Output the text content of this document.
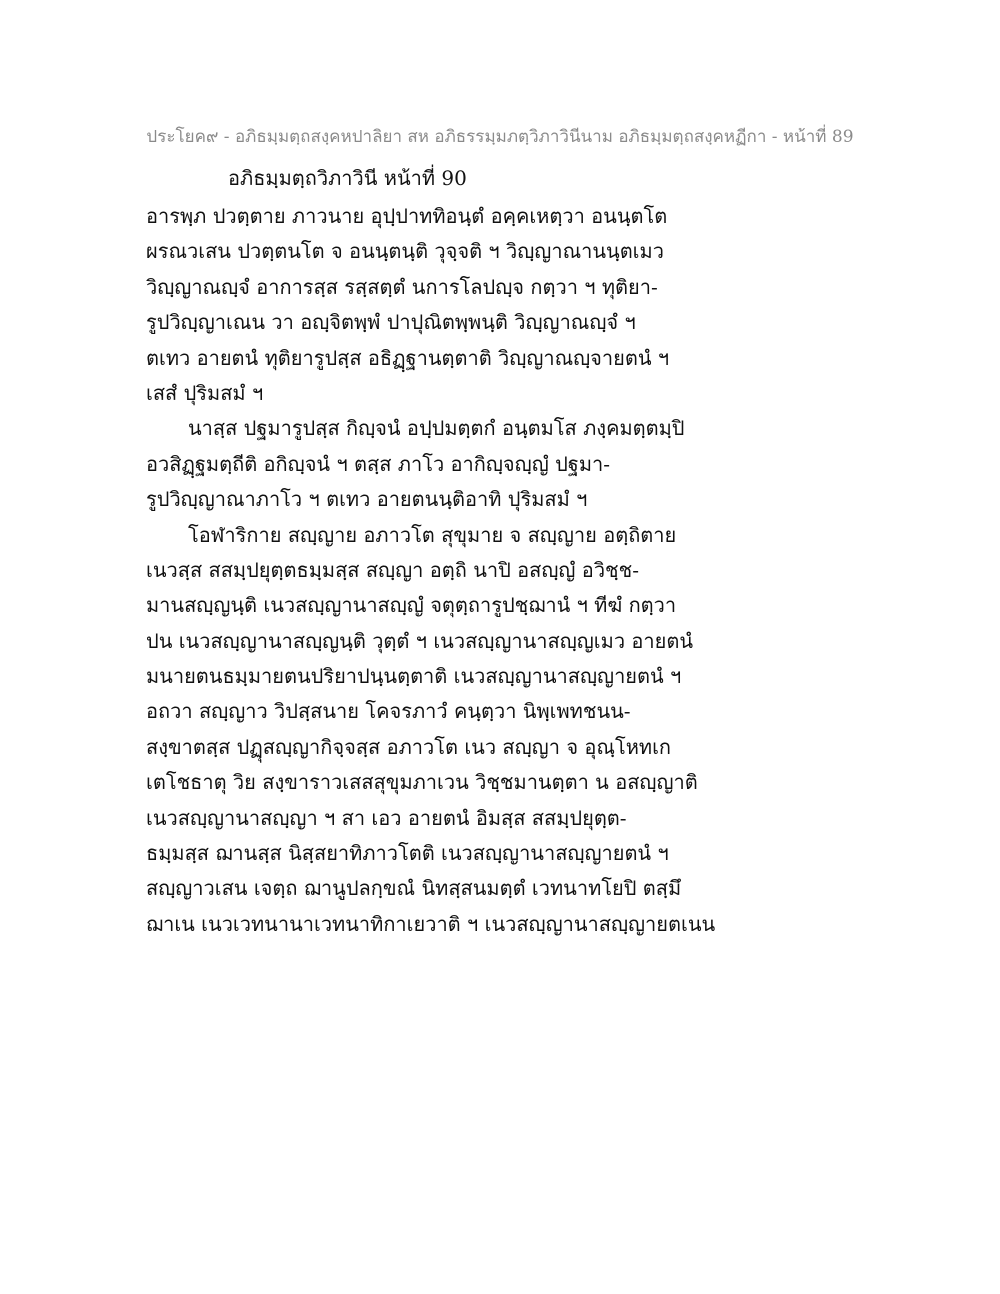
ประโยค๙ - อภิธมฺมตฺถสงฺคหปาลิยา สห อภิธรรมฺมภตฺวิภาวินีนาม อภิธมฺมตฺถสงฺคหฏีกา - หน้าที่ 89
อภิธมฺมตฺถวิภาวินี หน้าที่ 90
อารพฺภ ปวตฺตาย ภาวนาย อุปฺปาททิอนฺตํ อคฺคเหตฺวา อนนฺตโต
ผรณวเสน ปวตฺตนโต จ อนนฺตนฺติ วุจฺจติ ฯ วิญฺญาณานนฺตเมว
วิญฺญาณญฺจํ อาการสฺส รสฺสตฺตํ นการโลปญฺจ กตฺวา ฯ ทุติยา-
รูปวิญฺญาเณน วา อญฺจิตพฺพํ ปาปุณิตพฺพนฺติ วิญฺญาณญฺจํ ฯ
ตเทว อายตนํ ทุติยารูปสฺส อธิฏฺฐานตฺตาติ วิญฺญาณญฺจายตนํ ฯ
เสสํ ปุริมสมํ ฯ
นาสฺส ปฐมารูปสฺส กิญฺจนํ อปฺปมตฺตกํ อนฺตมโส ภงฺคมตฺตมฺปิ
อวสิฏฺฐมตฺถีติ อกิญฺจนํ ฯ ตสฺส ภาโว อากิญฺจญฺญํ ปฐมา-
รูปวิญฺญาณาภาโว ฯ ตเทว อายตนนฺติอาทิ ปุริมสมํ ฯ
โอฬาริกาย สญฺญาย อภาวโต สุขุมาย จ สญฺญาย อตฺถิตาย
เนวสฺส สสมฺปยุตฺตธมฺมสฺส สญฺญา อตฺถิ นาปิ อสญฺญํ อวิชฺช-
มานสญฺญนฺติ เนวสญฺญานาสญฺญํ จตุตฺถารูปชฺฌานํ ฯ ทีฆํ กตฺวา
ปน เนวสญฺญานาสญฺญนฺติ วุตฺตํ ฯ เนวสญฺญานาสญฺญเมว อายตนํ
มนายตนธมฺมายตนปริยาปนฺนตฺตาติ เนวสญฺญานาสญฺญายตนํ ฯ
อถวา สญฺญาว วิปสฺสนาย โคจรภาวํ คนฺตฺวา นิพฺเพทชนน-
สงฺขาตสฺส ปฏุสญฺญากิจฺจสฺส อภาวโต เนว สญฺญา จ อุณฺโหทเก
เตโชธาตุ วิย สงฺขาราวเสสสุขุมภาเวน วิชฺชมานตฺตา น อสญฺญาติ
เนวสญฺญานาสญฺญา ฯ สา เอว อายตนํ อิมสฺส สสมฺปยุตฺต-
ธมฺมสฺส ฌานสฺส นิสฺสยาทิภาวโตติ เนวสญฺญานาสญฺญายตนํ ฯ
สญฺญาวเสน เจตฺถ ฌานูปลกฺขณํ นิทสฺสนมตฺตํ เวทนาทโยปิ ตสฺมึ
ฌาเน เนวเวทนานาเวทนาทิกาเยวาติ ฯ เนวสญฺญานาสญฺญายตเนน
